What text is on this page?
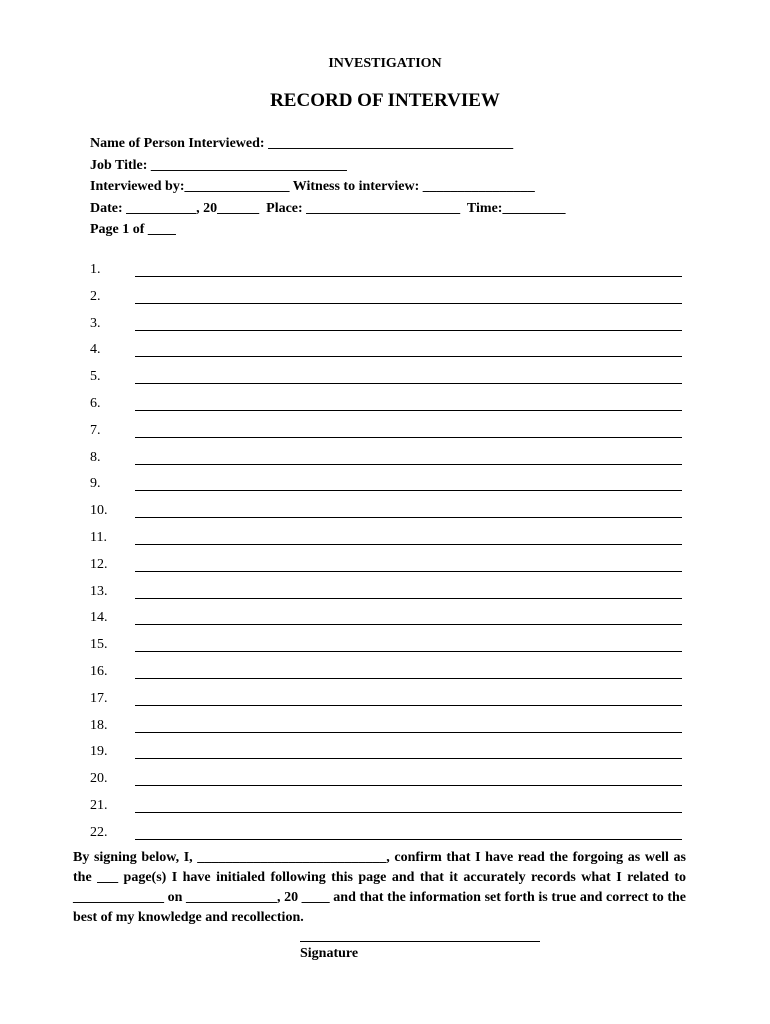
INVESTIGATION
RECORD OF INTERVIEW
Name of Person Interviewed: ___________________________________
Job Title: ____________________________
Interviewed by:_______________ Witness to interview: ________________
Date: __________, 20______  Place: ______________________  Time:_________
Page 1 of ____
1.
2.
3.
4.
5.
6.
7.
8.
9.
10.
11.
12.
13.
14.
15.
16.
17.
18.
19.
20.
21.
22.
By signing below, I, ___________________________, confirm that I have read the forgoing as well as the ___ page(s) I have initialed following this page and that it accurately records what I related to _____________ on _____________, 20 ____ and that the information set forth is true and correct to the best of my knowledge and recollection.
Signature
